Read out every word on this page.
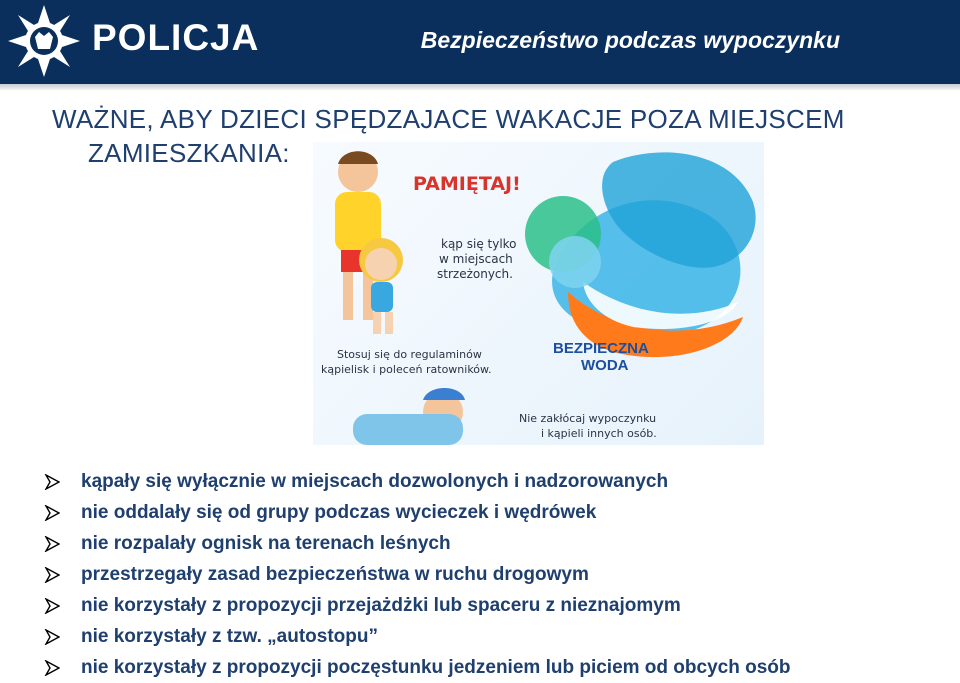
POLICJA	Bezpieczeństwo podczas wypoczynku
WAŻNE, ABY DZIECI SPĘDZAJACE WAKACJE POZA MIEJSCEM
ZAMIESZKANIA:
PAMIĘTAJ!
kąp się tylko
w miejscach
strzeżonych.
BEZPIECZNA
WODA
Stosuj się do regulaminów
kąpielisk i poleceń ratowników.
Nie zakłócaj wypoczynku
i kąpieli innych osób.
kąpały się wyłącznie w miejscach dozwolonych i nadzorowanych
nie oddalały się od grupy podczas wycieczek i wędrówek
nie rozpalały ognisk na terenach leśnych
przestrzegały zasad bezpieczeństwa w ruchu drogowym
nie korzystały z propozycji przejażdżki lub spaceru z nieznajomym
nie korzystały z tzw. „autostopu”
nie korzystały z propozycji poczęstunku jedzeniem lub piciem od obcych osób
